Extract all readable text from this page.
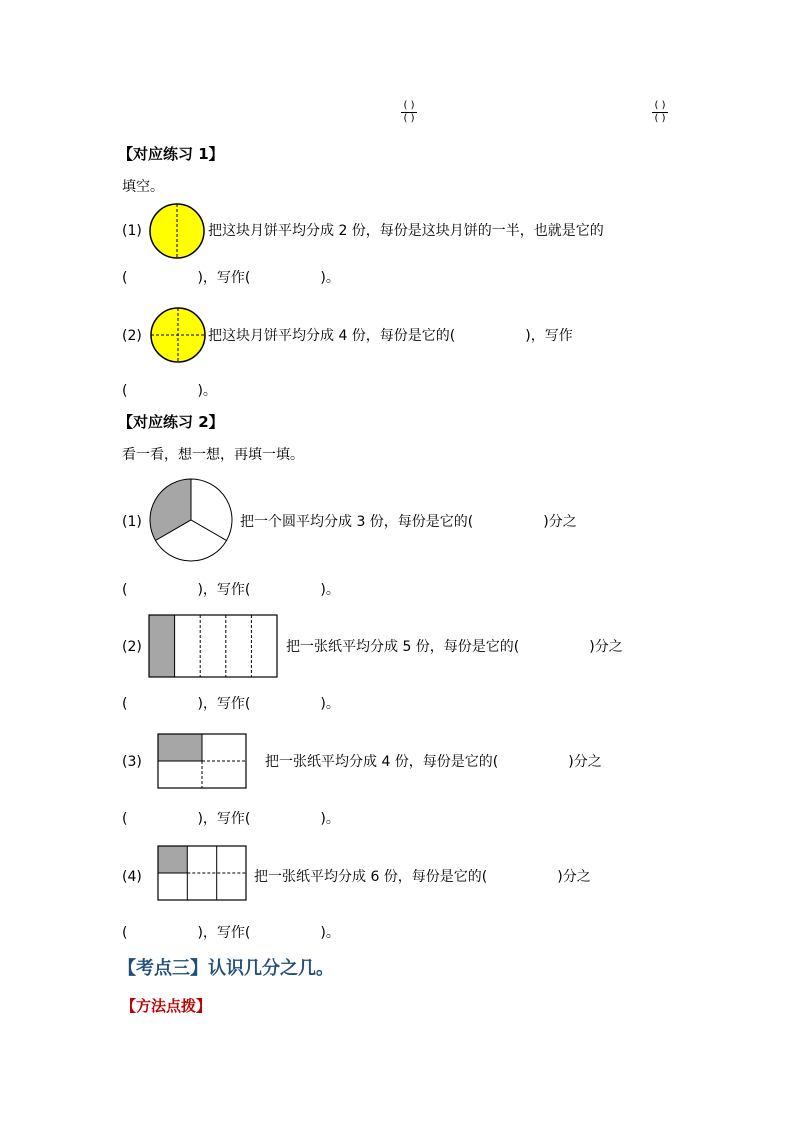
( )
( )
( )
( )
【对应练习 1】
填空。
(1)	把这块月饼平均分成 2 份，每份是这块月饼的一半，也就是它的
(　　　　　)，写作(　　　　　)。
(2)	把这块月饼平均分成 4 份，每份是它的(　　　　　)，写作
(　　　　　)。
【对应练习 2】
看一看，想一想，再填一填。
(1)	把一个圆平均分成 3 份，每份是它的(　　　　　)分之
(　　　　　)，写作(　　　　　)。
(2)	把一张纸平均分成 5 份，每份是它的(　　　　　)分之
(　　　　　)，写作(　　　　　)。
(3)	把一张纸平均分成 4 份，每份是它的(　　　　　)分之
(　　　　　)，写作(　　　　　)。
(4)	把一张纸平均分成 6 份，每份是它的(　　　　　)分之
(　　　　　)，写作(　　　　　)。
【考点三】认识几分之几。
【方法点拨】
